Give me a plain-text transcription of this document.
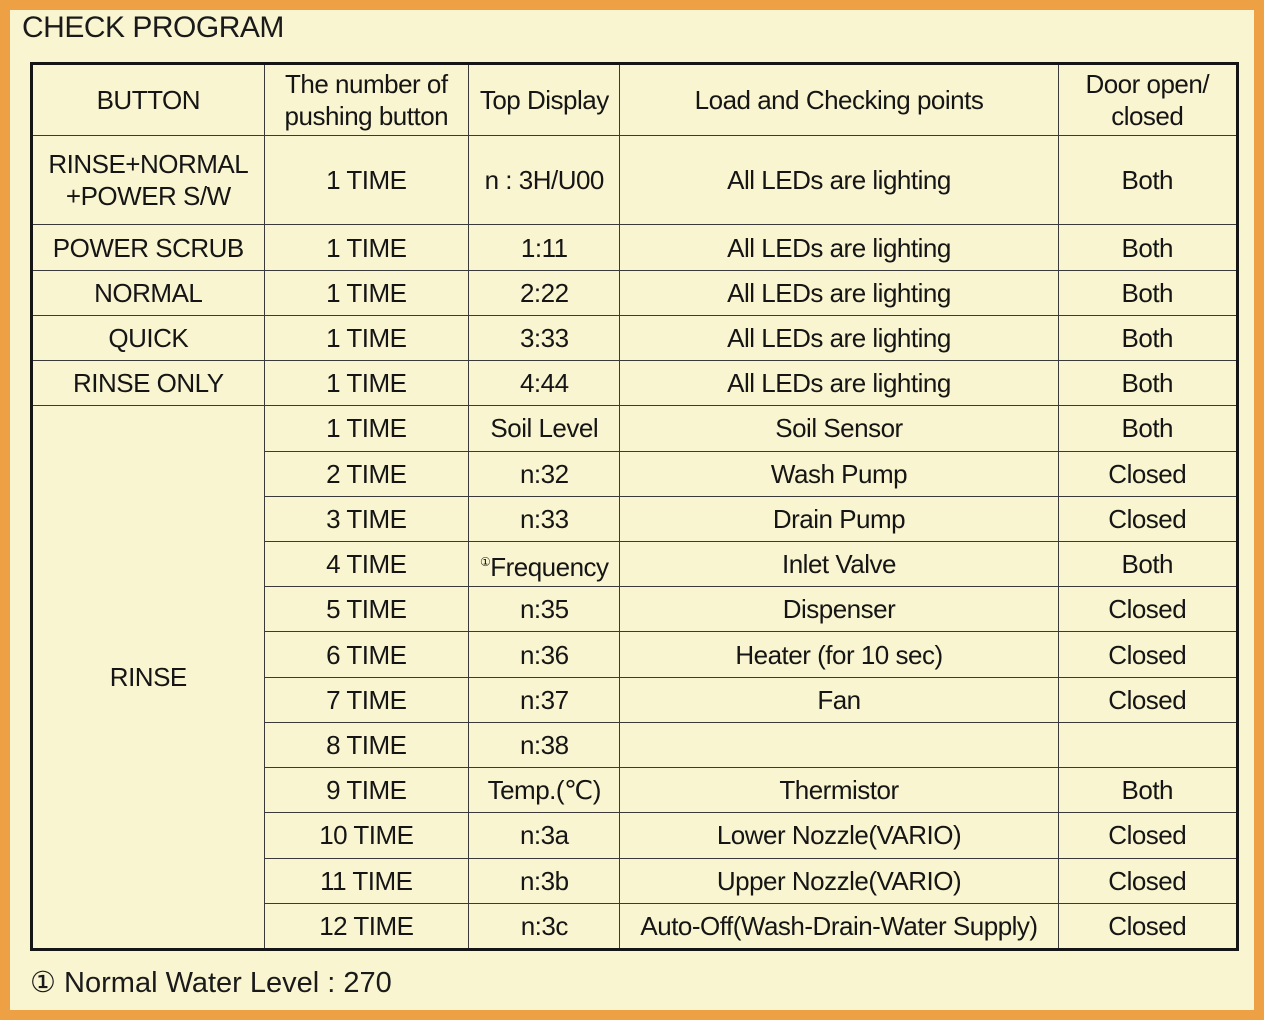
CHECK PROGRAM
BUTTON	The number of pushing button	Top Display	Load and Checking points	Door open/ closed
RINSE+NORMAL +POWER S/W	1 TIME	n : 3H/U00	All LEDs are lighting	Both
POWER SCRUB	1 TIME	1:11	All LEDs are lighting	Both
NORMAL	1 TIME	2:22	All LEDs are lighting	Both
QUICK	1 TIME	3:33	All LEDs are lighting	Both
RINSE ONLY	1 TIME	4:44	All LEDs are lighting	Both
RINSE	1 TIME	Soil Level	Soil Sensor	Both
	2 TIME	n:32	Wash Pump	Closed
	3 TIME	n:33	Drain Pump	Closed
	4 TIME	①Frequency	Inlet Valve	Both
	5 TIME	n:35	Dispenser	Closed
	6 TIME	n:36	Heater (for 10 sec)	Closed
	7 TIME	n:37	Fan	Closed
	8 TIME	n:38		
	9 TIME	Temp.(℃)	Thermistor	Both
	10 TIME	n:3a	Lower Nozzle(VARIO)	Closed
	11 TIME	n:3b	Upper Nozzle(VARIO)	Closed
	12 TIME	n:3c	Auto-Off(Wash-Drain-Water Supply)	Closed
① Normal Water Level : 270
